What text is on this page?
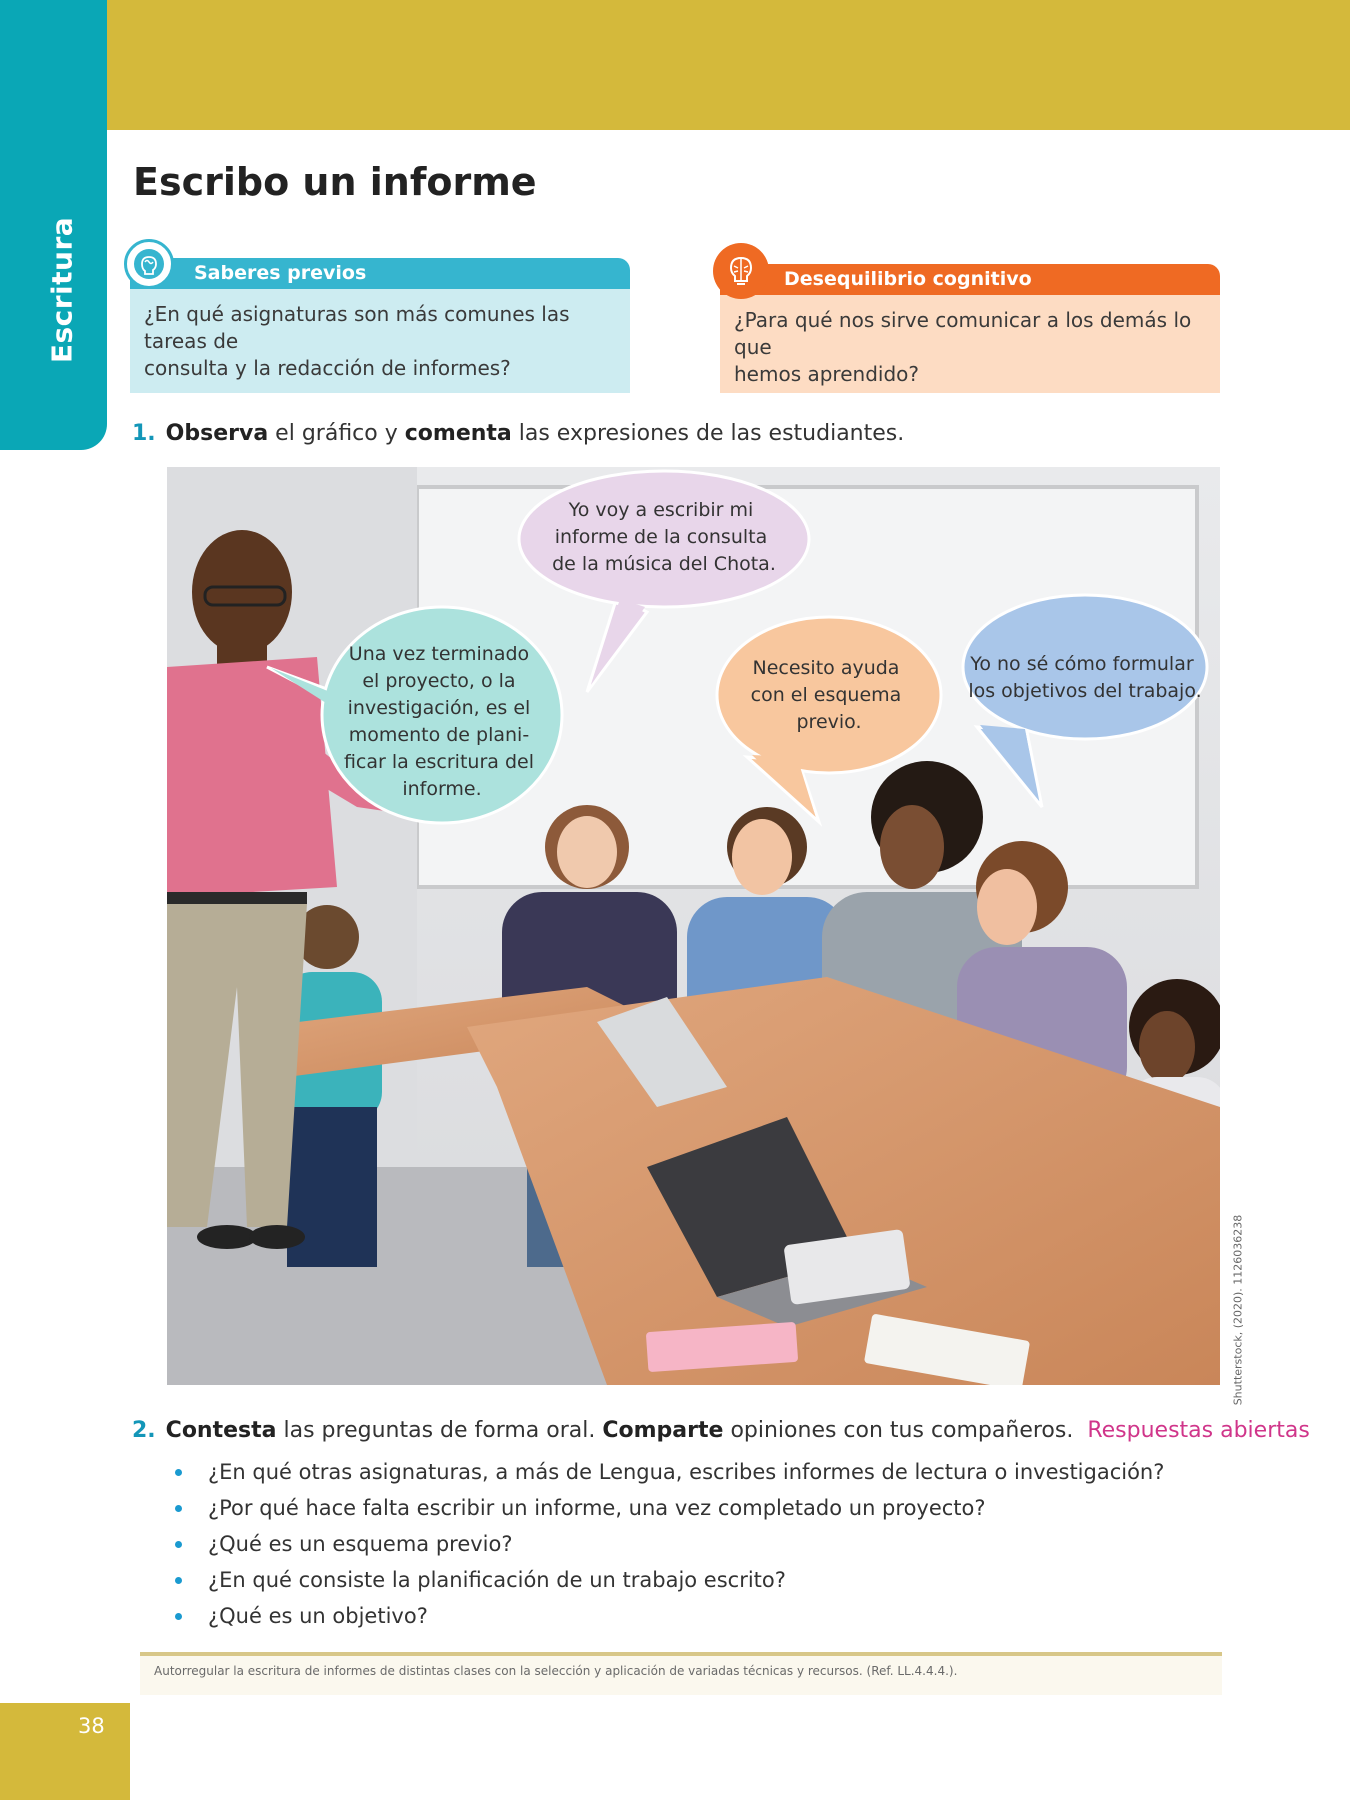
Escritura
Escribo un informe
Saberes previos
¿En qué asignaturas son más comunes las tareas de
consulta y la redacción de informes?
Desequilibrio cognitivo
¿Para qué nos sirve comunicar a los demás lo que
hemos aprendido?

1. Observa el gráfico y comenta las expresiones de las estudiantes.

Una vez terminado el proyecto, o la investigación, es el momento de plani- ficar la escritura del informe.
Yo voy a escribir mi informe de la consulta de la música del Chota.
Necesito ayuda con el esquema previo.
Yo no sé cómo formular los objetivos del trabajo.
Shutterstock, (2020). 1126036238

2. Contesta las preguntas de forma oral. Comparte opiniones con tus compañeros. Respuestas abiertas

¿En qué otras asignaturas, a más de Lengua, escribes informes de lectura o investigación?
¿Por qué hace falta escribir un informe, una vez completado un proyecto?
¿Qué es un esquema previo?
¿En qué consiste la planificación de un trabajo escrito?
¿Qué es un objetivo?

Autorregular la escritura de informes de distintas clases con la selección y aplicación de variadas técnicas y recursos. (Ref. LL.4.4.4.).

38
